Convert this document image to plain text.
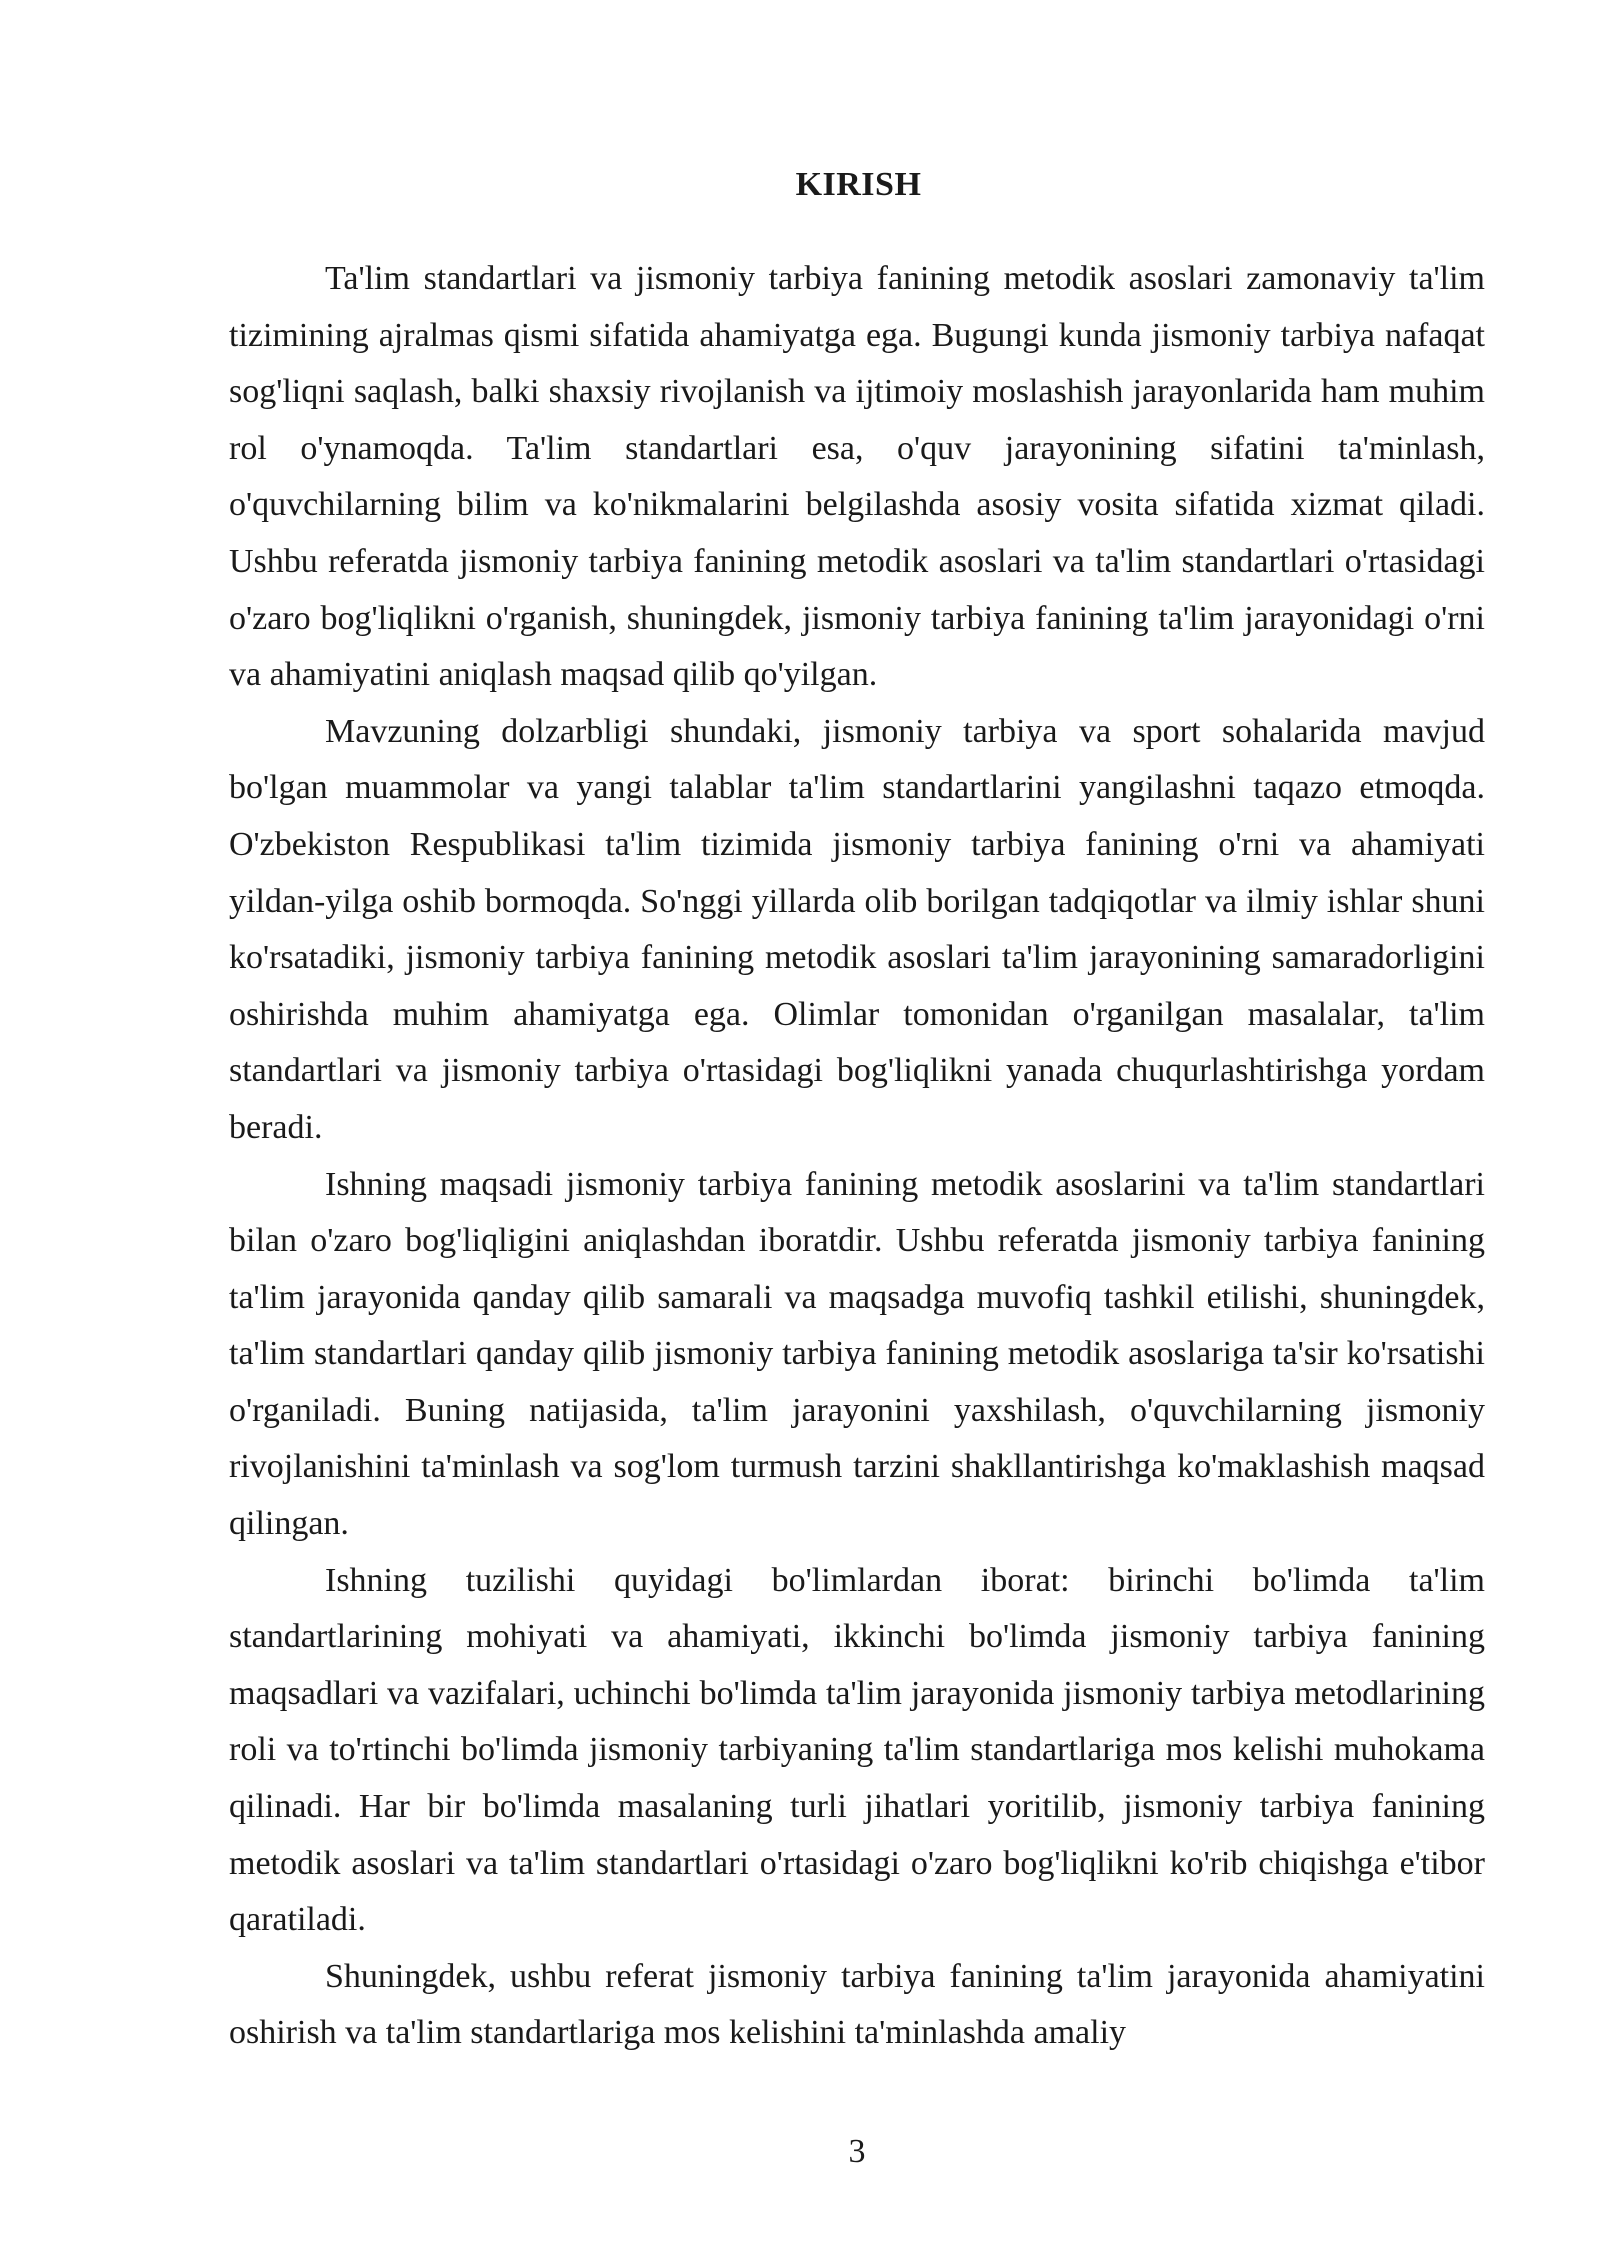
KIRISH

Ta'lim standartlari va jismoniy tarbiya fanining metodik asoslari zamonaviy ta'lim tizimining ajralmas qismi sifatida ahamiyatga ega. Bugungi kunda jismoniy tarbiya nafaqat sog'liqni saqlash, balki shaxsiy rivojlanish va ijtimoiy moslashish jarayonlarida ham muhim rol o'ynamoqda. Ta'lim standartlari esa, o'quv jarayonining sifatini ta'minlash, o'quvchilarning bilim va ko'nikmalarini belgilashda asosiy vosita sifatida xizmat qiladi. Ushbu referatda jismoniy tarbiya fanining metodik asoslari va ta'lim standartlari o'rtasidagi o'zaro bog'liqlikni o'rganish, shuningdek, jismoniy tarbiya fanining ta'lim jarayonidagi o'rni va ahamiyatini aniqlash maqsad qilib qo'yilgan.

Mavzuning dolzarbligi shundaki, jismoniy tarbiya va sport sohalarida mavjud bo'lgan muammolar va yangi talablar ta'lim standartlarini yangilashni taqazo etmoqda. O'zbekiston Respublikasi ta'lim tizimida jismoniy tarbiya fanining o'rni va ahamiyati yildan-yilga oshib bormoqda. So'nggi yillarda olib borilgan tadqiqotlar va ilmiy ishlar shuni ko'rsatadiki, jismoniy tarbiya fanining metodik asoslari ta'lim jarayonining samaradorligini oshirishda muhim ahamiyatga ega. Olimlar tomonidan o'rganilgan masalalar, ta'lim standartlari va jismoniy tarbiya o'rtasidagi bog'liqlikni yanada chuqurlashtirishga yordam beradi.

Ishning maqsadi jismoniy tarbiya fanining metodik asoslarini va ta'lim standartlari bilan o'zaro bog'liqligini aniqlashdan iboratdir. Ushbu referatda jismoniy tarbiya fanining ta'lim jarayonida qanday qilib samarali va maqsadga muvofiq tashkil etilishi, shuningdek, ta'lim standartlari qanday qilib jismoniy tarbiya fanining metodik asoslariga ta'sir ko'rsatishi o'rganiladi. Buning natijasida, ta'lim jarayonini yaxshilash, o'quvchilarning jismoniy rivojlanishini ta'minlash va sog'lom turmush tarzini shakllantirishga ko'maklashish maqsad qilingan.

Ishning tuzilishi quyidagi bo'limlardan iborat: birinchi bo'limda ta'lim standartlarining mohiyati va ahamiyati, ikkinchi bo'limda jismoniy tarbiya fanining maqsadlari va vazifalari, uchinchi bo'limda ta'lim jarayonida jismoniy tarbiya metodlarining roli va to'rtinchi bo'limda jismoniy tarbiyaning ta'lim standartlariga mos kelishi muhokama qilinadi. Har bir bo'limda masalaning turli jihatlari yoritilib, jismoniy tarbiya fanining metodik asoslari va ta'lim standartlari o'rtasidagi o'zaro bog'liqlikni ko'rib chiqishga e'tibor qaratiladi.

Shuningdek, ushbu referat jismoniy tarbiya fanining ta'lim jarayonida ahamiyatini oshirish va ta'lim standartlariga mos kelishini ta'minlashda amaliy

3
